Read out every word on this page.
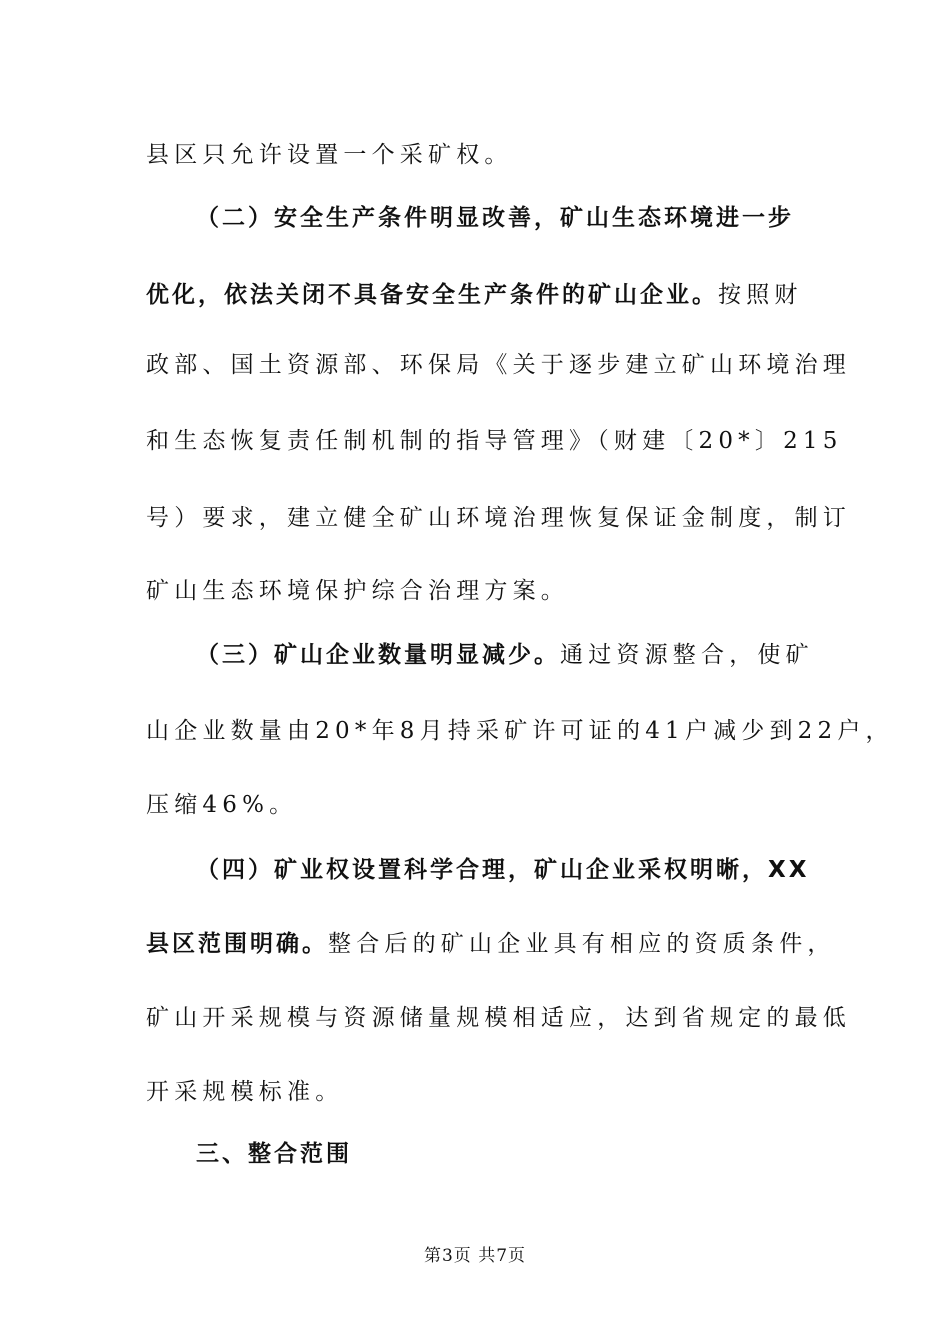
县区只允许设置一个采矿权。
（二）安全生产条件明显改善，矿山生态环境进一步
优化，依法关闭不具备安全生产条件的矿山企业。按照财
政部、国土资源部、环保局《关于逐步建立矿山环境治理
和生态恢复责任制机制的指导管理》（财建〔20*〕215
号）要求，建立健全矿山环境治理恢复保证金制度，制订
矿山生态环境保护综合治理方案。
（三）矿山企业数量明显减少。通过资源整合，使矿
山企业数量由20*年8月持采矿许可证的41户减少到22户，
压缩46%。
（四）矿业权设置科学合理，矿山企业采权明晰，XX
县区范围明确。整合后的矿山企业具有相应的资质条件，
矿山开采规模与资源储量规模相适应，达到省规定的最低
开采规模标准。
三、整合范围
第3页 共7页
